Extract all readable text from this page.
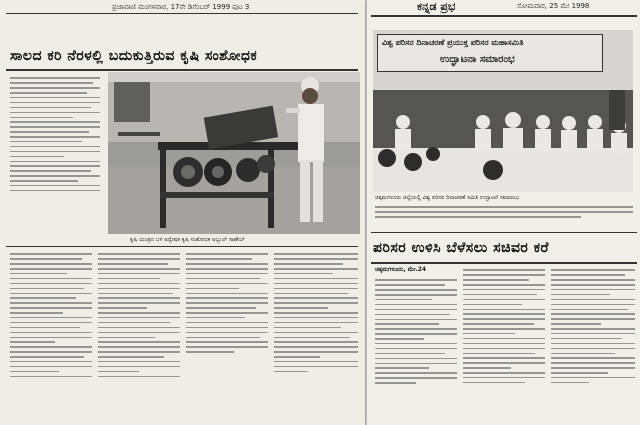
ಪ್ರಜಾವಾಣಿ ಮಂಗಳವಾರ, 17ನೇ ಡಿಸೆಂಬರ್ 1999 ಪುಟ 3
ಸಾಲದ ಕರಿ ನೆರಳಲ್ಲಿ ಬದುಕುತ್ತಿರುವ ಕೃಷಿ ಸಂಶೋಧಕ
ಕೃಷಿ ಯಂತ್ರದ ಬಳಿ ಅನ್ವೇಷಕ ಕೃಷಿ ಸಂಶೋಧಕ ಅಬ್ಬುಲ್ ಸಾಹೇಬ್
ಕನ್ನಡ ಪ್ರಭ	ಸೋಮವಾರ, 25 ಮೇ 1998
ವಿಶ್ವ ಪರಿಸರ ದಿನಾಚರಣೆ ಪ್ರಯುಕ್ತ ಪರಿಸರ ಮಹಾಸಮಿತಿ
ಉದ್ಘಾಟನಾ ಸಮಾರಂಭ
ಚಿಕ್ಕಮಗಳೂರು ಜಿಲ್ಲೆಯಲ್ಲಿ ವಿಶ್ವ ಪರಿಸರ ದಿನಾಚರಣೆ ಸಮಿತಿ ಉದ್ಘಾಟನೆ ಸಮಾರಂಭ
ಪರಿಸರ ಉಳಿಸಿ ಬೆಳೆಸಲು ಸಚಿವರ ಕರೆ
ಚಿಕ್ಕಮಗಳೂರು, ಮೇ.24
